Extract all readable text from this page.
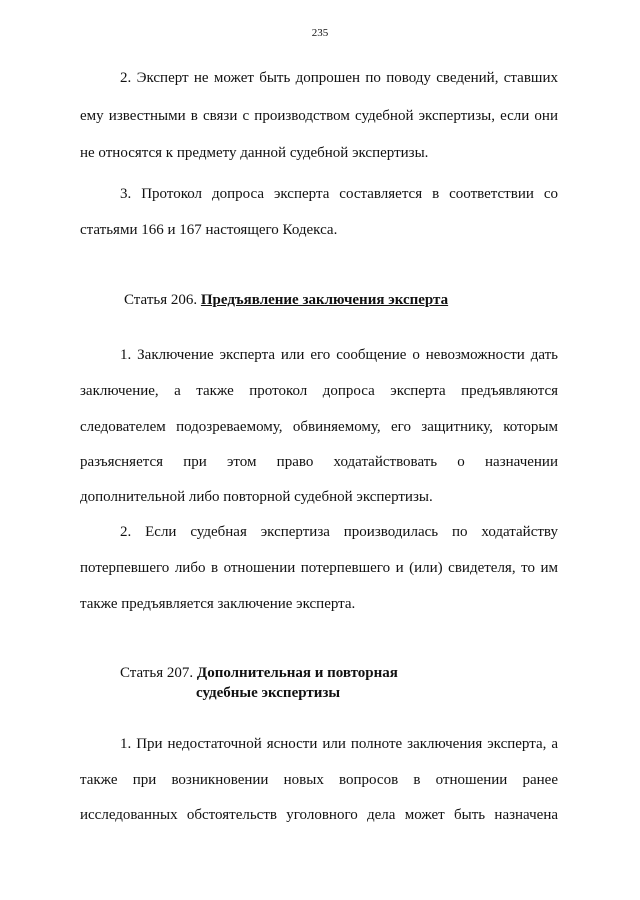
235
2. Эксперт не может быть допрошен по поводу сведений, ставших
ему известными в связи с производством судебной экспертизы, если они
не относятся к предмету данной судебной экспертизы.
3. Протокол допроса эксперта составляется в соответствии со
статьями 166 и 167 настоящего Кодекса.
Статья 206. Предъявление заключения эксперта
1. Заключение эксперта или его сообщение о невозможности дать
заключение, а также протокол допроса эксперта предъявляются
следователем подозреваемому, обвиняемому, его защитнику, которым
разъясняется при этом право ходатайствовать о назначении
дополнительной либо повторной судебной экспертизы.
2. Если судебная экспертиза производилась по ходатайству
потерпевшего либо в отношении потерпевшего и (или) свидетеля, то им
также предъявляется заключение эксперта.
Статья 207. Дополнительная и повторная
судебные экспертизы
1. При недостаточной ясности или полноте заключения эксперта, а
также при возникновении новых вопросов в отношении ранее
исследованных обстоятельств уголовного дела может быть назначена
